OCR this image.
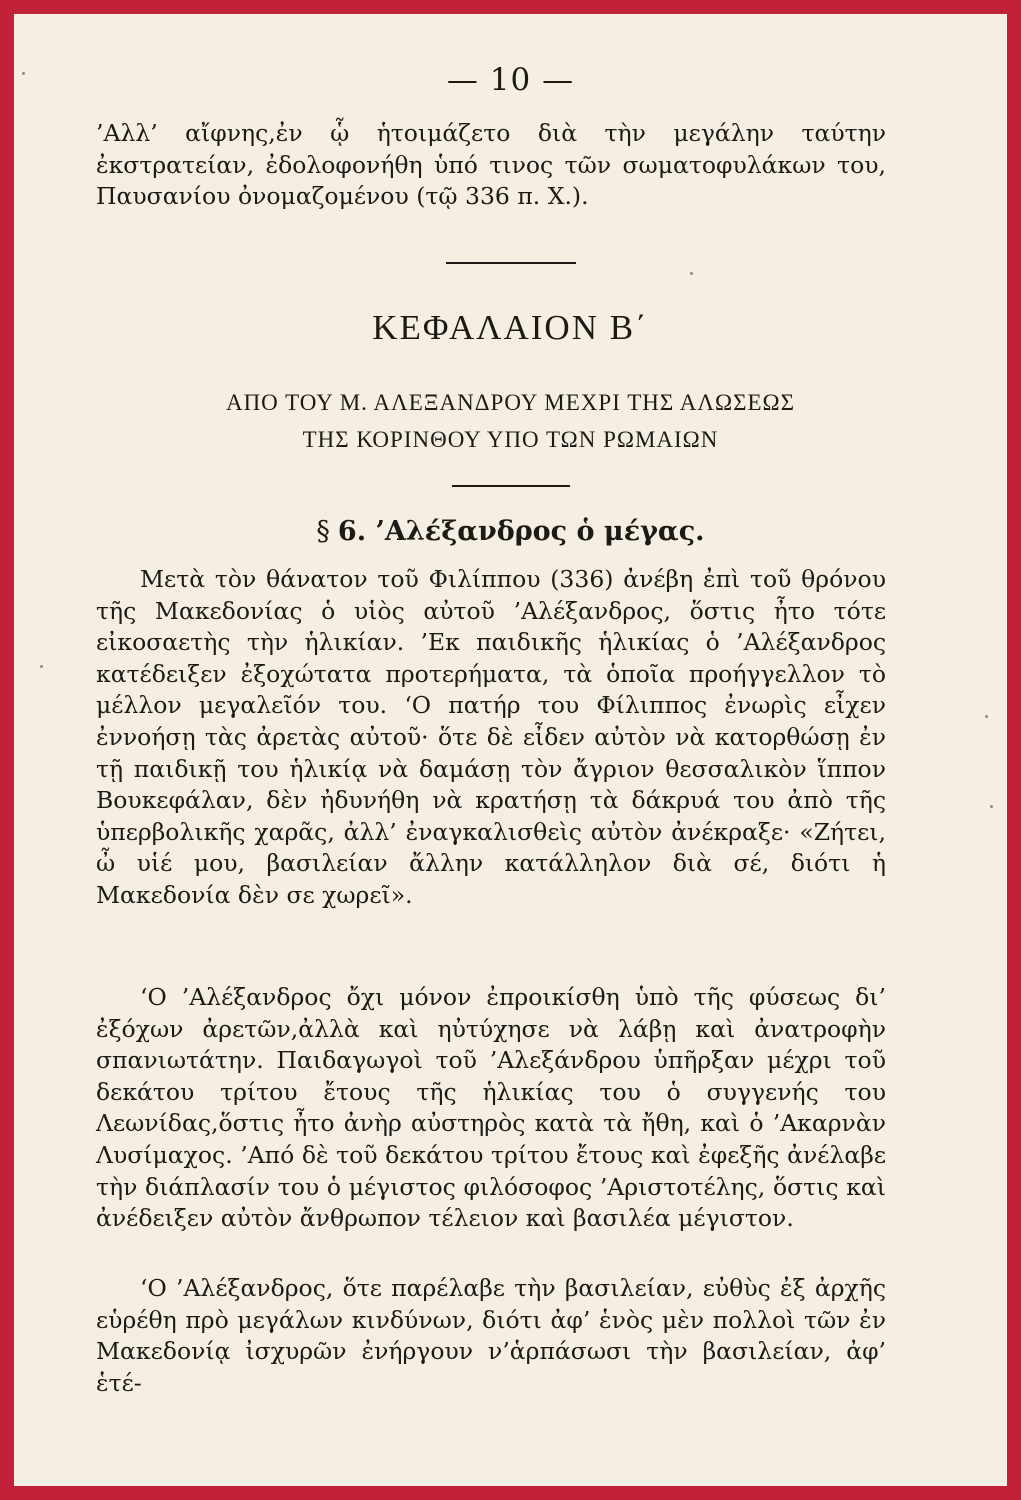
— 10 —
’Αλλ’ αἴφνης,ἐν ᾧ ἡτοιμάζετο διὰ τὴν μεγάλην ταύτην ἐκστρατείαν, ἐδολοφονήθη ὑπό τινος τῶν σωματοφυλάκων του, Παυσανίου ὀνομαζομένου (τῷ 336 π. Χ.).
ΚΕΦΑΛΑΙΟΝ Β΄
ΑΠΟ ΤΟΥ Μ. ΑΛΕΞΑΝΔΡΟΥ ΜΕΧΡΙ ΤΗΣ ΑΛΩΣΕΩΣ
ΤΗΣ ΚΟΡΙΝΘΟΥ ΥΠΟ ΤΩΝ ΡΩΜΑΙΩΝ
§ 6. ’Αλέξανδρος ὁ μέγας.
Μετὰ τὸν θάνατον τοῦ Φιλίππου (336) ἀνέβη ἐπὶ τοῦ θρόνου τῆς Μακεδονίας ὁ υἱὸς αὐτοῦ ’Αλέξανδρος, ὅστις ἦτο τότε εἰκοσαετὴς τὴν ἡλικίαν. ’Εκ παιδικῆς ἡλικίας ὁ ’Αλέξανδρος κατέδειξεν ἐξοχώτατα προτερήματα, τὰ ὁποῖα προήγγελλον τὸ μέλλον μεγαλεῖόν του. ‘Ο πατήρ του Φίλιππος ἐνωρὶς εἶχεν ἐννοήσῃ τὰς ἀρετὰς αὐτοῦ· ὅτε δὲ εἶδεν αὐτὸν νὰ κατορθώσῃ ἐν τῇ παιδικῇ του ἡλικίᾳ νὰ δαμάσῃ τὸν ἄγριον θεσσαλικὸν ἵππον Βουκεφάλαν, δὲν ἠδυνήθη νὰ κρατήσῃ τὰ δάκρυά του ἀπὸ τῆς ὑπερβολικῆς χαρᾶς, ἀλλ’ ἐναγκαλισθεὶς αὐτὸν ἀνέκραξε· «Ζήτει, ὦ υἱέ μου, βασιλείαν ἄλλην κατάλληλον διὰ σέ, διότι ἡ Μακεδονία δὲν σε χωρεῖ».
‘Ο ’Αλέξανδρος ὄχι μόνον ἐπροικίσθη ὑπὸ τῆς φύσεως δι’ ἐξόχων ἀρετῶν,ἀλλὰ καὶ ηὐτύχησε νὰ λάβῃ καὶ ἀνατροφὴν σπανιωτάτην. Παιδαγωγοὶ τοῦ ’Αλεξάνδρου ὑπῆρξαν μέχρι τοῦ δεκάτου τρίτου ἔτους τῆς ἡλικίας του ὁ συγγενής του Λεωνίδας,ὅστις ἦτο ἀνὴρ αὐστηρὸς κατὰ τὰ ἤθη, καὶ ὁ ’Ακαρνὰν Λυσίμαχος. ’Από δὲ τοῦ δεκάτου τρίτου ἔτους καὶ ἐφεξῆς ἀνέλαβε τὴν διάπλασίν του ὁ μέγιστος φιλόσοφος ’Αριστοτέλης, ὅστις καὶ ἀνέδειξεν αὐτὸν ἄνθρωπον τέλειον καὶ βασιλέα μέγιστον.
‘Ο ’Αλέξανδρος, ὅτε παρέλαβε τὴν βασιλείαν, εὐθὺς ἐξ ἀρχῆς εὑρέθη πρὸ μεγάλων κινδύνων, διότι ἀφ’ ἑνὸς μὲν πολλοὶ τῶν ἐν Μακεδονίᾳ ἰσχυρῶν ἐνήργουν ν’ἁρπάσωσι τὴν βασιλείαν, ἀφ’ ἑτέ-
